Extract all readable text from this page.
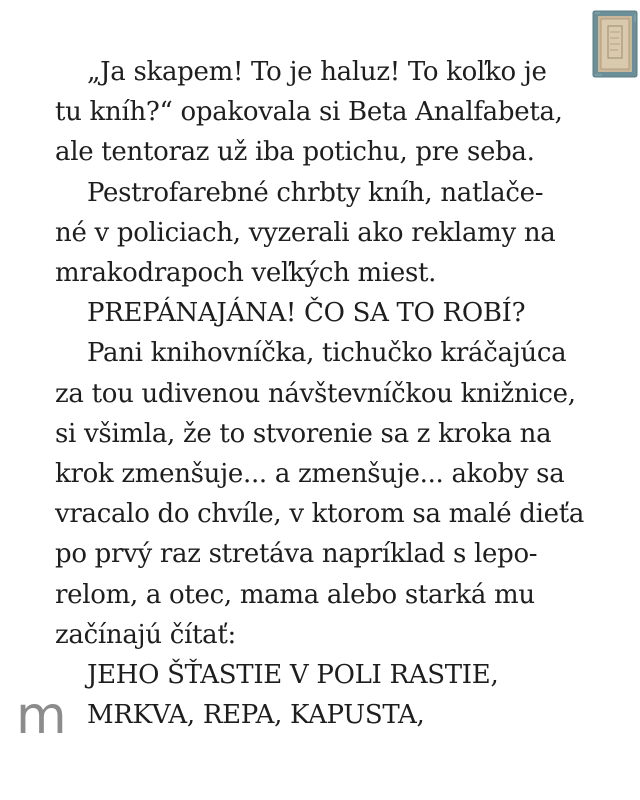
„Ja skapem! To je haluz! To koľko je
tu kníh?“ opakovala si Beta Analfabeta,
ale tentoraz už iba potichu, pre seba.
Pestrofarebné chrbty kníh, natlače-
né v policiach, vyzerali ako reklamy na
mrakodrapoch veľkých miest.
PREPÁNAJÁNA! ČO SA TO ROBÍ?
Pani knihovníčka, tichučko kráčajúca
za tou udivenou návštevníčkou knižnice,
si všimla, že to stvorenie sa z kroka na
krok zmenšuje... a zmenšuje... akoby sa
vracalo do chvíle, v ktorom sa malé dieťa
po prvý raz stretáva napríklad s lepo-
relom, a otec, mama alebo starká mu
začínajú čítať:
JEHO ŠŤASTIE V POLI RASTIE,
MRKVA, REPA, KAPUSTA,
m
